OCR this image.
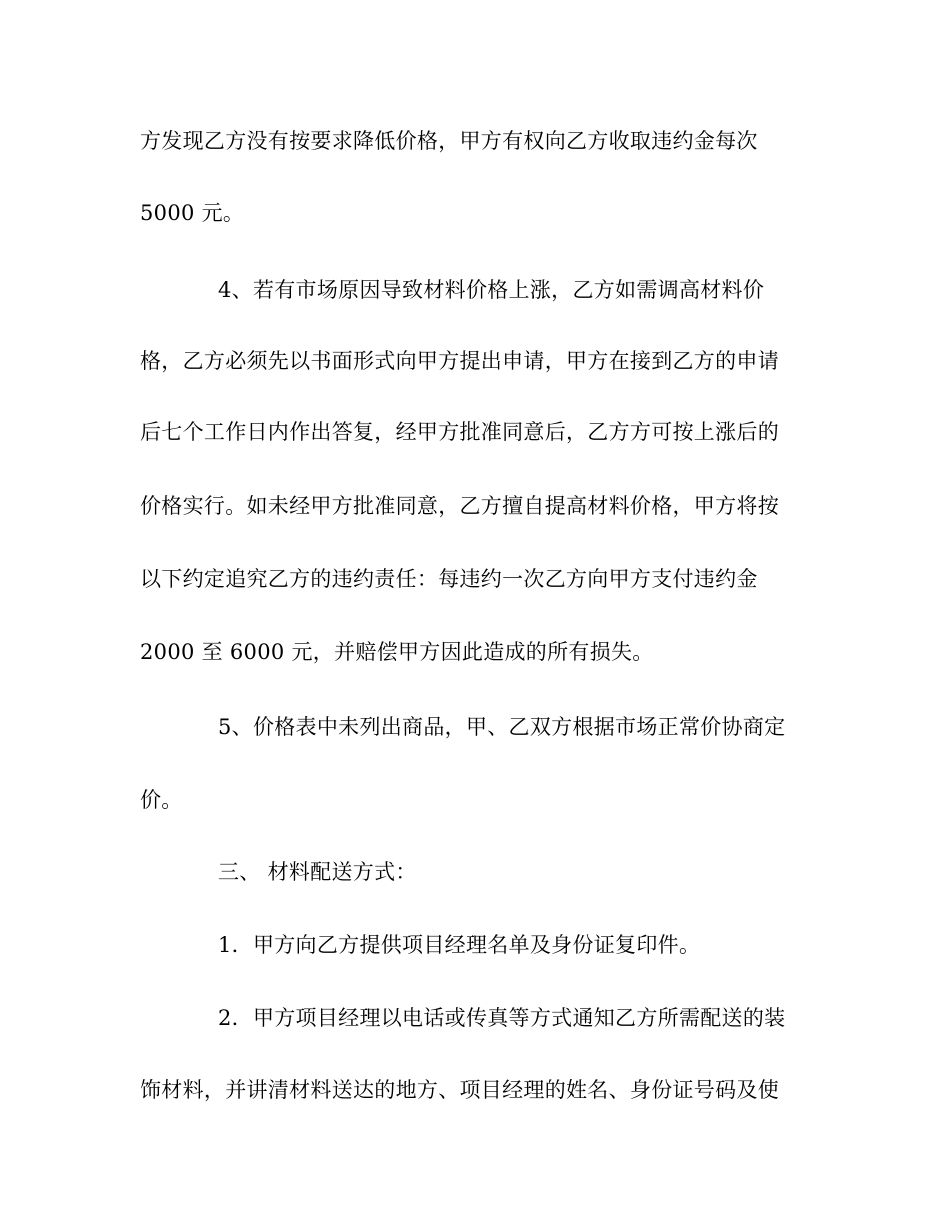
方发现乙方没有按要求降低价格，甲方有权向乙方收取违约金每次
5000 元。
4、若有市场原因导致材料价格上涨，乙方如需调高材料价
格，乙方必须先以书面形式向甲方提出申请，甲方在接到乙方的申请
后七个工作日内作出答复，经甲方批准同意后，乙方方可按上涨后的
价格实行。如未经甲方批准同意，乙方擅自提高材料价格，甲方将按
以下约定追究乙方的违约责任：每违约一次乙方向甲方支付违约金
2000 至 6000 元，并赔偿甲方因此造成的所有损失。
5、价格表中未列出商品，甲、乙双方根据市场正常价协商定
价。
三、 材料配送方式：
1．甲方向乙方提供项目经理名单及身份证复印件。
2．甲方项目经理以电话或传真等方式通知乙方所需配送的装
饰材料，并讲清材料送达的地方、项目经理的姓名、身份证号码及使
